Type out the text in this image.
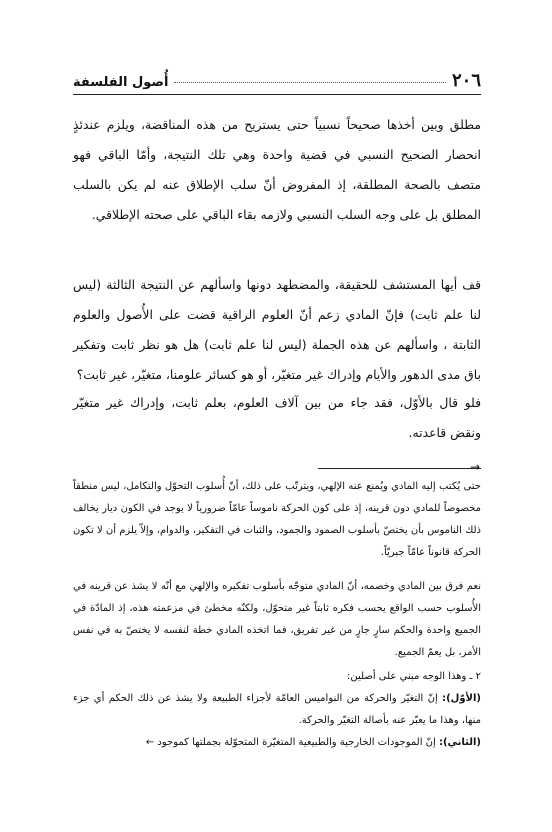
٢٠٦
أُصول الفلسفة

مطلق وبين أخذها صحيحاً نسبياً حتى يستريح من هذه المناقضة، ويلزم عندئذٍ انحصار الصحيح النسبي في قضية واحدة وهي تلك النتيجة، وأمّا الباقي فهو متصف بالصحة المطلقة، إذ المفروض أنّ سلب الإطلاق عنه لم يكن بالسلب المطلق بل على وجه السلب النسبي ولازمه بقاء الباقي على صحته الإطلاقي.

قف أيها المستشف للحقيقة، والمضطهد دونها واسألهم عن النتيجة الثالثة (ليس لنا علم ثابت) فإنّ المادي زعم أنّ العلوم الراقية قضت على الأُصول والعلوم الثابتة ، واسألهم عن هذه الجملة (ليس لنا علم ثابت) هل هو نظر ثابت وتفكير باق مدى الدهور والأيام وإدراك غير متغيّر، أو هو كسائر علومنا، متغيّر، غير ثابت؟

فلو قال بالأوّل، فقد جاء من بين آلاف العلوم، بعلم ثابت، وإدراك غير متغيّر ونقض قاعدته.

→

حتى يُكتب إليه المادي ويُمنع عنه الإلهي، ويترتّب على ذلك، أنّ أُسلوب التحوّل والتكامل، ليس منطقاً مخصوصاً للمادي دون قرينه، إذ على كون الحركة ناموساً عامّاً ضرورياً لا يوجد في الكون ديار يخالف ذلك الناموس بأن يختصّ بأسلوب الصمود والجمود، والثبات في التفكير، والدوام، وإلاّ يلزم أن لا تكون الحركة قانوناً عامّاً جبريّاً.

نعم فرق بين المادي وخصمه، أنّ المادي متوجّه بأسلوب تفكيره والإلهي مع أنّه لا يشذ عن قرينه في الأُسلوب حسب الواقع يحسب فكره ثابتاً غير متحوّل، ولكنّه مخطئ في مزعمته هذه، إذ المادّة في الجميع واحدة والحكم سارٍ جارٍ من غير تفريق، فما اتخذه المادي خطة لنفسه لا يختصّ به في نفس الأمر، بل يعمّ الجميع.

٢ ـ وهذا الوجه مبني على أصلين:

(الأوّل): إنّ التغيّر والحركة من النواميس العامّة لأجزاء الطبيعة ولا يشذ عن ذلك الحكم أي جزء منها، وهذا ما يعبّر عنه بأصالة التغيّر والحركة.

(الثاني): إنّ الموجودات الخارجية والطبيعية المتغيّرة المتحوّلة بجملتها كموجود ←
